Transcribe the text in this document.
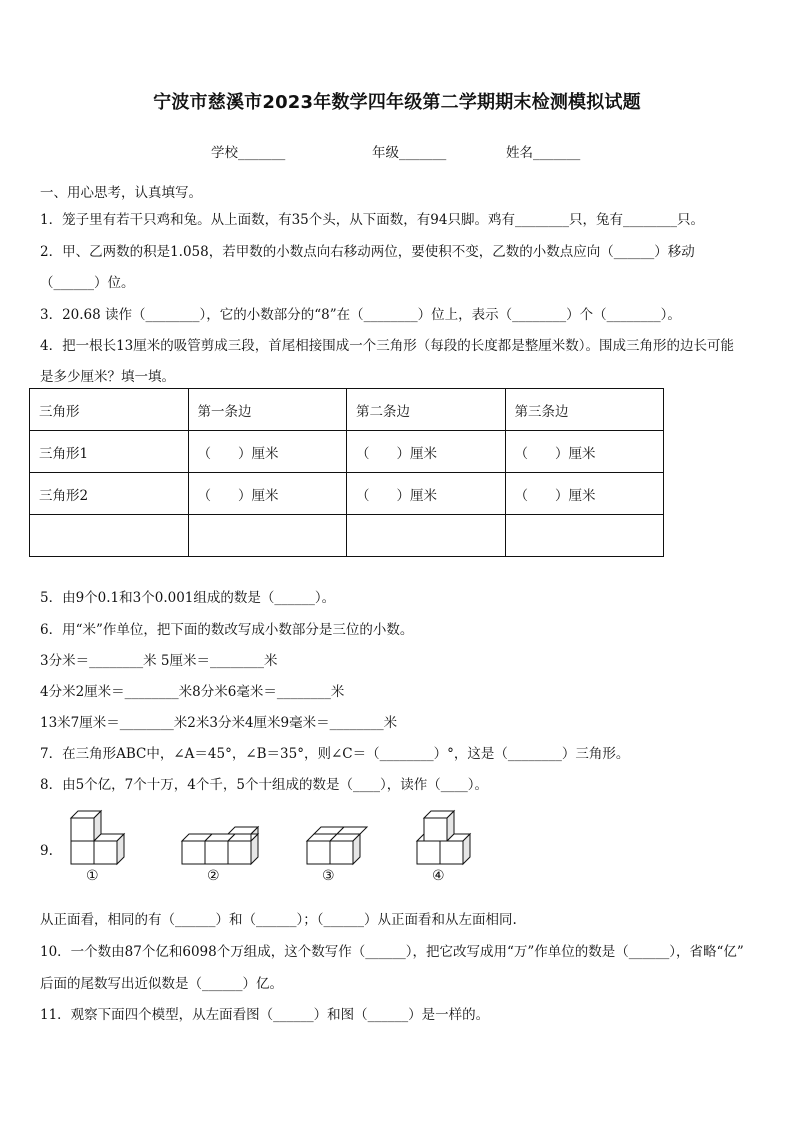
宁波市慈溪市2023年数学四年级第二学期期末检测模拟试题
学校_______	年级_______	姓名_______
一、用心思考，认真填写。
1．笼子里有若干只鸡和兔。从上面数，有35个头，从下面数，有94只脚。鸡有________只，兔有________只。
2．甲、乙两数的积是1.058，若甲数的小数点向右移动两位，要使积不变，乙数的小数点应向（______）移动
（______）位。
3．20.68 读作（________），它的小数部分的“8”在（________）位上，表示（________）个（________）。
4．把一根长13厘米的吸管剪成三段，首尾相接围成一个三角形（每段的长度都是整厘米数）。围成三角形的边长可能
是多少厘米？填一填。
三角形	第一条边	第二条边	第三条边
三角形1	（　　）厘米	（　　）厘米	（　　）厘米
三角形2	（　　）厘米	（　　）厘米	（　　）厘米

5．由9个0.1和3个0.001组成的数是（______）。
6．用“米”作单位，把下面的数改写成小数部分是三位的小数。
3分米＝________米 5厘米＝________米
4分米2厘米＝________米8分米6毫米＝________米
13米7厘米＝________米2米3分米4厘米9毫米＝________米
7．在三角形ABC中，∠A＝45°，∠B＝35°，则∠C＝（________）°，这是（________）三角形。
8．由5个亿，7个十万，4个千，5个十组成的数是（____），读作（____）。
9.
①	②	③	④
从正面看，相同的有（______）和（______）；（______）从正面看和从左面相同.
10．一个数由87个亿和6098个万组成，这个数写作（______），把它改写成用“万”作单位的数是（______），省略“亿”
后面的尾数写出近似数是（______）亿。
11．观察下面四个模型，从左面看图（______）和图（______）是一样的。
